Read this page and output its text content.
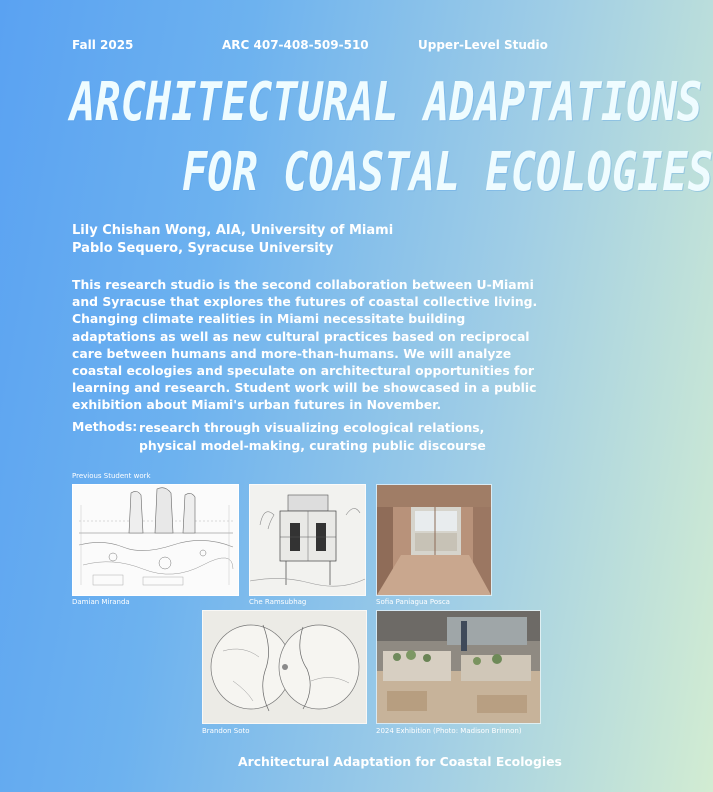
Fall 2025	ARC 407-408-509-510	Upper-Level Studio
ARCHITECTURAL ADAPTATIONS
FOR COASTAL ECOLOGIES
Lily Chishan Wong, AIA, University of Miami
Pablo Sequero, Syracuse University
This research studio is the second collaboration between U-Miami and Syracuse that explores the futures of coastal collective living. Changing climate realities in Miami necessitate building adaptations as well as new cultural practices based on reciprocal care between humans and more-than-humans. We will analyze coastal ecologies and speculate on architectural opportunities for learning and research. Student work will be showcased in a public exhibition about Miami's urban futures in November.
Methods: research through visualizing ecological relations,
physical model-making, curating public discourse
Previous Student work
Damian Miranda	Che Ramsubhag	Sofia Paniagua Posca
Brandon Soto	2024 Exhibition (Photo: Madison Brinnon)
Architectural Adaptation for Coastal Ecologies
